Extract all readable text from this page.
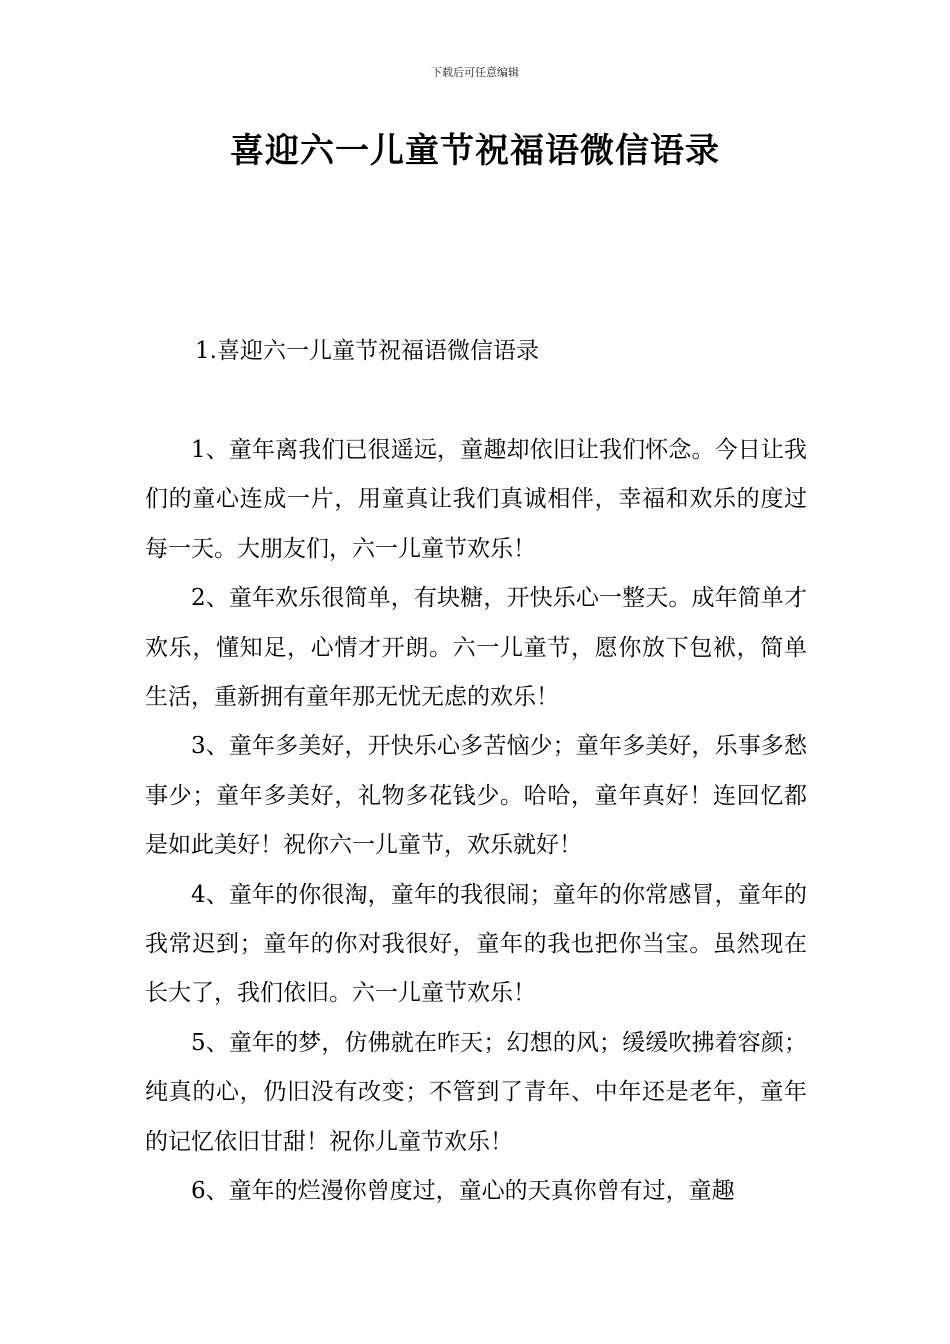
下载后可任意编辑
喜迎六一儿童节祝福语微信语录
1.喜迎六一儿童节祝福语微信语录

1、童年离我们已很遥远，童趣却依旧让我们怀念。今日让我们的童心连成一片，用童真让我们真诚相伴，幸福和欢乐的度过每一天。大朋友们，六一儿童节欢乐！

2、童年欢乐很简单，有块糖，开快乐心一整天。成年简单才欢乐，懂知足，心情才开朗。六一儿童节，愿你放下包袱，简单生活，重新拥有童年那无忧无虑的欢乐！

3、童年多美好，开快乐心多苦恼少；童年多美好，乐事多愁事少；童年多美好，礼物多花钱少。哈哈，童年真好！连回忆都是如此美好！祝你六一儿童节，欢乐就好！

4、童年的你很淘，童年的我很闹；童年的你常感冒，童年的我常迟到；童年的你对我很好，童年的我也把你当宝。虽然现在长大了，我们依旧。六一儿童节欢乐！

5、童年的梦，仿佛就在昨天；幻想的风；缓缓吹拂着容颜；纯真的心，仍旧没有改变；不管到了青年、中年还是老年，童年的记忆依旧甘甜！祝你儿童节欢乐！

6、童年的烂漫你曾度过，童心的天真你曾有过，童趣
